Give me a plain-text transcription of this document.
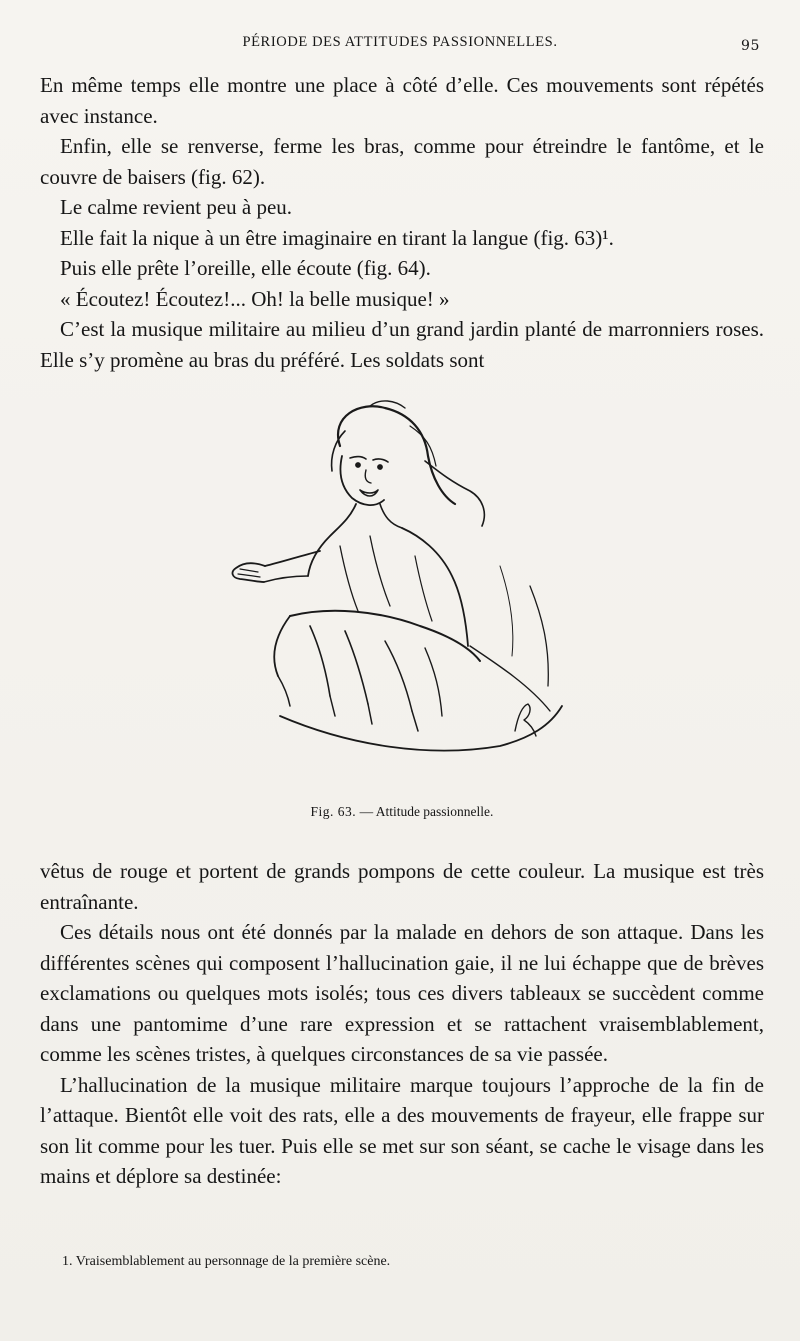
PÉRIODE DES ATTITUDES PASSIONNELLES.	95

En même temps elle montre une place à côté d’elle. Ces mouvements sont répétés avec instance.

Enfin, elle se renverse, ferme les bras, comme pour étreindre le fantôme, et le couvre de baisers (fig. 62).

Le calme revient peu à peu.

Elle fait la nique à un être imaginaire en tirant la langue (fig. 63)¹.

Puis elle prête l’oreille, elle écoute (fig. 64).

« Écoutez! Écoutez!... Oh! la belle musique! »

C’est la musique militaire au milieu d’un grand jardin planté de marronniers roses. Elle s’y promène au bras du préféré. Les soldats sont

Fig. 63. — Attitude passionnelle.

vêtus de rouge et portent de grands pompons de cette couleur. La musique est très entraînante.

Ces détails nous ont été donnés par la malade en dehors de son attaque. Dans les différentes scènes qui composent l’hallucination gaie, il ne lui échappe que de brèves exclamations ou quelques mots isolés; tous ces divers tableaux se succèdent comme dans une pantomime d’une rare expression et se rattachent vraisemblablement, comme les scènes tristes, à quelques circonstances de sa vie passée.

L’hallucination de la musique militaire marque toujours l’approche de la fin de l’attaque. Bientôt elle voit des rats, elle a des mouvements de frayeur, elle frappe sur son lit comme pour les tuer. Puis elle se met sur son séant, se cache le visage dans les mains et déplore sa destinée:

1. Vraisemblablement au personnage de la première scène.
